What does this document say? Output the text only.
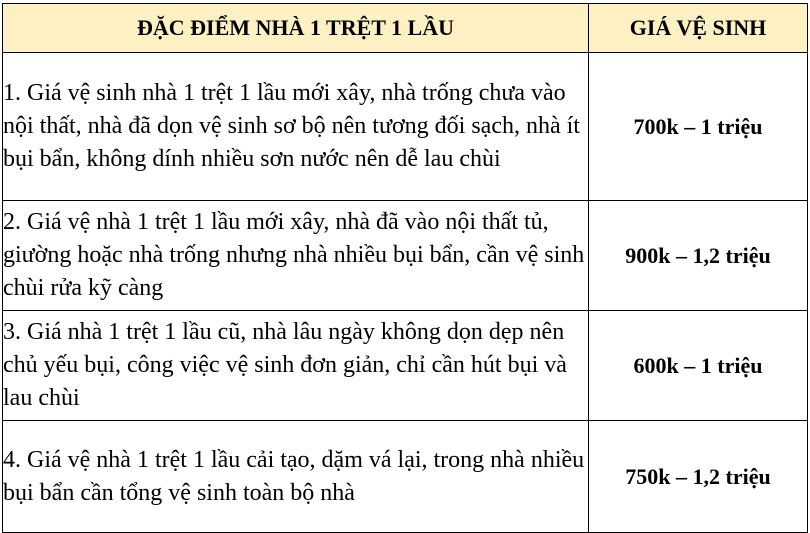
ĐẶC ĐIỂM NHÀ 1 TRỆT 1 LẦU	GIÁ VỆ SINH
1. Giá vệ sinh nhà 1 trệt 1 lầu mới xây, nhà trống chưa vào nội thất, nhà đã dọn vệ sinh sơ bộ nên tương đối sạch, nhà ít bụi bẩn, không dính nhiều sơn nước nên dễ lau chùi	700k – 1 triệu
2. Giá vệ nhà 1 trệt 1 lầu mới xây, nhà đã vào nội thất tủ, giường hoặc nhà trống nhưng nhà nhiều bụi bẩn, cần vệ sinh chùi rửa kỹ càng	900k – 1,2 triệu
3. Giá nhà 1 trệt 1 lầu cũ, nhà lâu ngày không dọn dẹp nên chủ yếu bụi, công việc vệ sinh đơn giản, chỉ cần hút bụi và lau chùi	600k – 1 triệu
4. Giá vệ nhà 1 trệt 1 lầu cải tạo, dặm vá lại, trong nhà nhiều bụi bẩn cần tổng vệ sinh toàn bộ nhà	750k – 1,2 triệu
